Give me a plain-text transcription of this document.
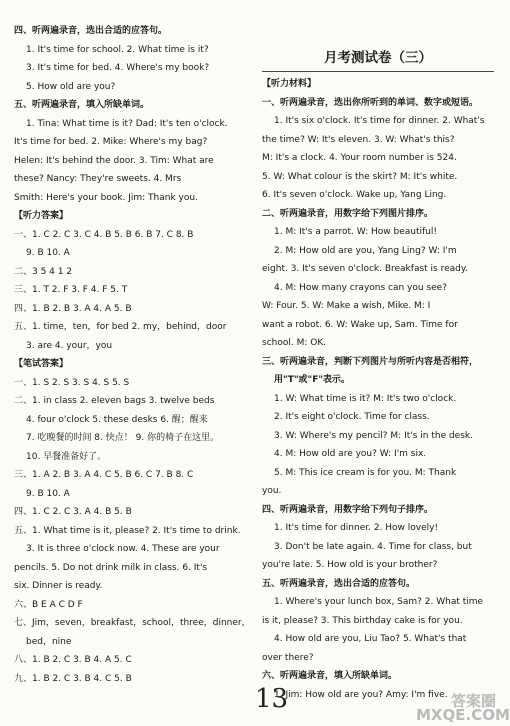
四、听两遍录音，选出合适的应答句。
1. It's time for school. 2. What time is it?
3. It's time for bed. 4. Where's my book?
5. How old are you?
五、听两遍录音，填入所缺单词。
1. Tina: What time is it? Dad: It's ten o'clock.
It's time for bed. 2. Mike: Where's my bag?
Helen: It's behind the door. 3. Tim: What are
these? Nancy: They're sweets. 4. Mrs
Smith: Here's your book. Jim: Thank you.
【听力答案】
一、1. C 2. C 3. C 4. B 5. B 6. B 7. C 8. B
9. B 10. A
二、3 5 4 1 2
三、1. T 2. F 3. F 4. F 5. T
四、1. B 2. B 3. A 4. A 5. B
五、1. time，ten，for bed 2. my，behind，door
3. are 4. your，you
【笔试答案】
一、1. S 2. S 3. S 4. S 5. S
二、1. in class 2. eleven bags 3. twelve beds
4. four o'clock 5. these desks 6. 醒；醒来
7. 吃晚餐的时间 8. 快点！ 9. 你的椅子在这里。
10. 早餐准备好了。
三、1. A 2. B 3. A 4. C 5. B 6. C 7. B 8. C
9. B 10. A
四、1. C 2. C 3. A 4. B 5. B
五、1. What time is it, please? 2. It's time to drink.
3. It is three o'clock now. 4. These are your
pencils. 5. Do not drink milk in class. 6. It's
six. Dinner is ready.
六、B E A C D F
七、Jim，seven，breakfast，school，three，dinner，
bed，nine
八、1. B 2. C 3. B 4. A 5. C
九、1. B 2. C 3. B 4. C 5. B
月考测试卷（三）
【听力材料】
一、听两遍录音，选出你所听到的单词、数字或短语。
1. It's six o'clock. It's time for dinner. 2. What's
the time? W: It's eleven. 3. W: What's this?
M: It's a clock. 4. Your room number is 524.
5. W: What colour is the skirt? M: It's white.
6. It's seven o'clock. Wake up, Yang Ling.
二、听两遍录音，用数字给下列图片排序。
1. M: It's a parrot. W: How beautiful!
2. M: How old are you, Yang Ling? W: I'm
eight. 3. It's seven o'clock. Breakfast is ready.
4. M: How many crayons can you see?
W: Four. 5. W: Make a wish, Mike. M: I
want a robot. 6. W: Wake up, Sam. Time for
school. M: OK.
三、听两遍录音，判断下列图片与所听内容是否相符，
用"T"或"F"表示。
1. W: What time is it? M: It's two o'clock.
2. It's eight o'clock. Time for class.
3. W: Where's my pencil? M: It's in the desk.
4. M: How old are you? W: I'm six.
5. M: This ice cream is for you. M: Thank
you.
四、听两遍录音，用数字给下列句子排序。
1. It's time for dinner. 2. How lovely!
3. Don't be late again. 4. Time for class, but
you're late. 5. How old is your brother?
五、听两遍录音，选出合适的应答句。
1. Where's your lunch box, Sam? 2. What time
is it, please? 3. This birthday cake is for you.
4. How old are you, Liu Tao? 5. What's that
over there?
六、听两遍录音，填入所缺单词。
1. Jim: How old are you? Amy: I'm five.
13	答案圈 MXQE.COM
